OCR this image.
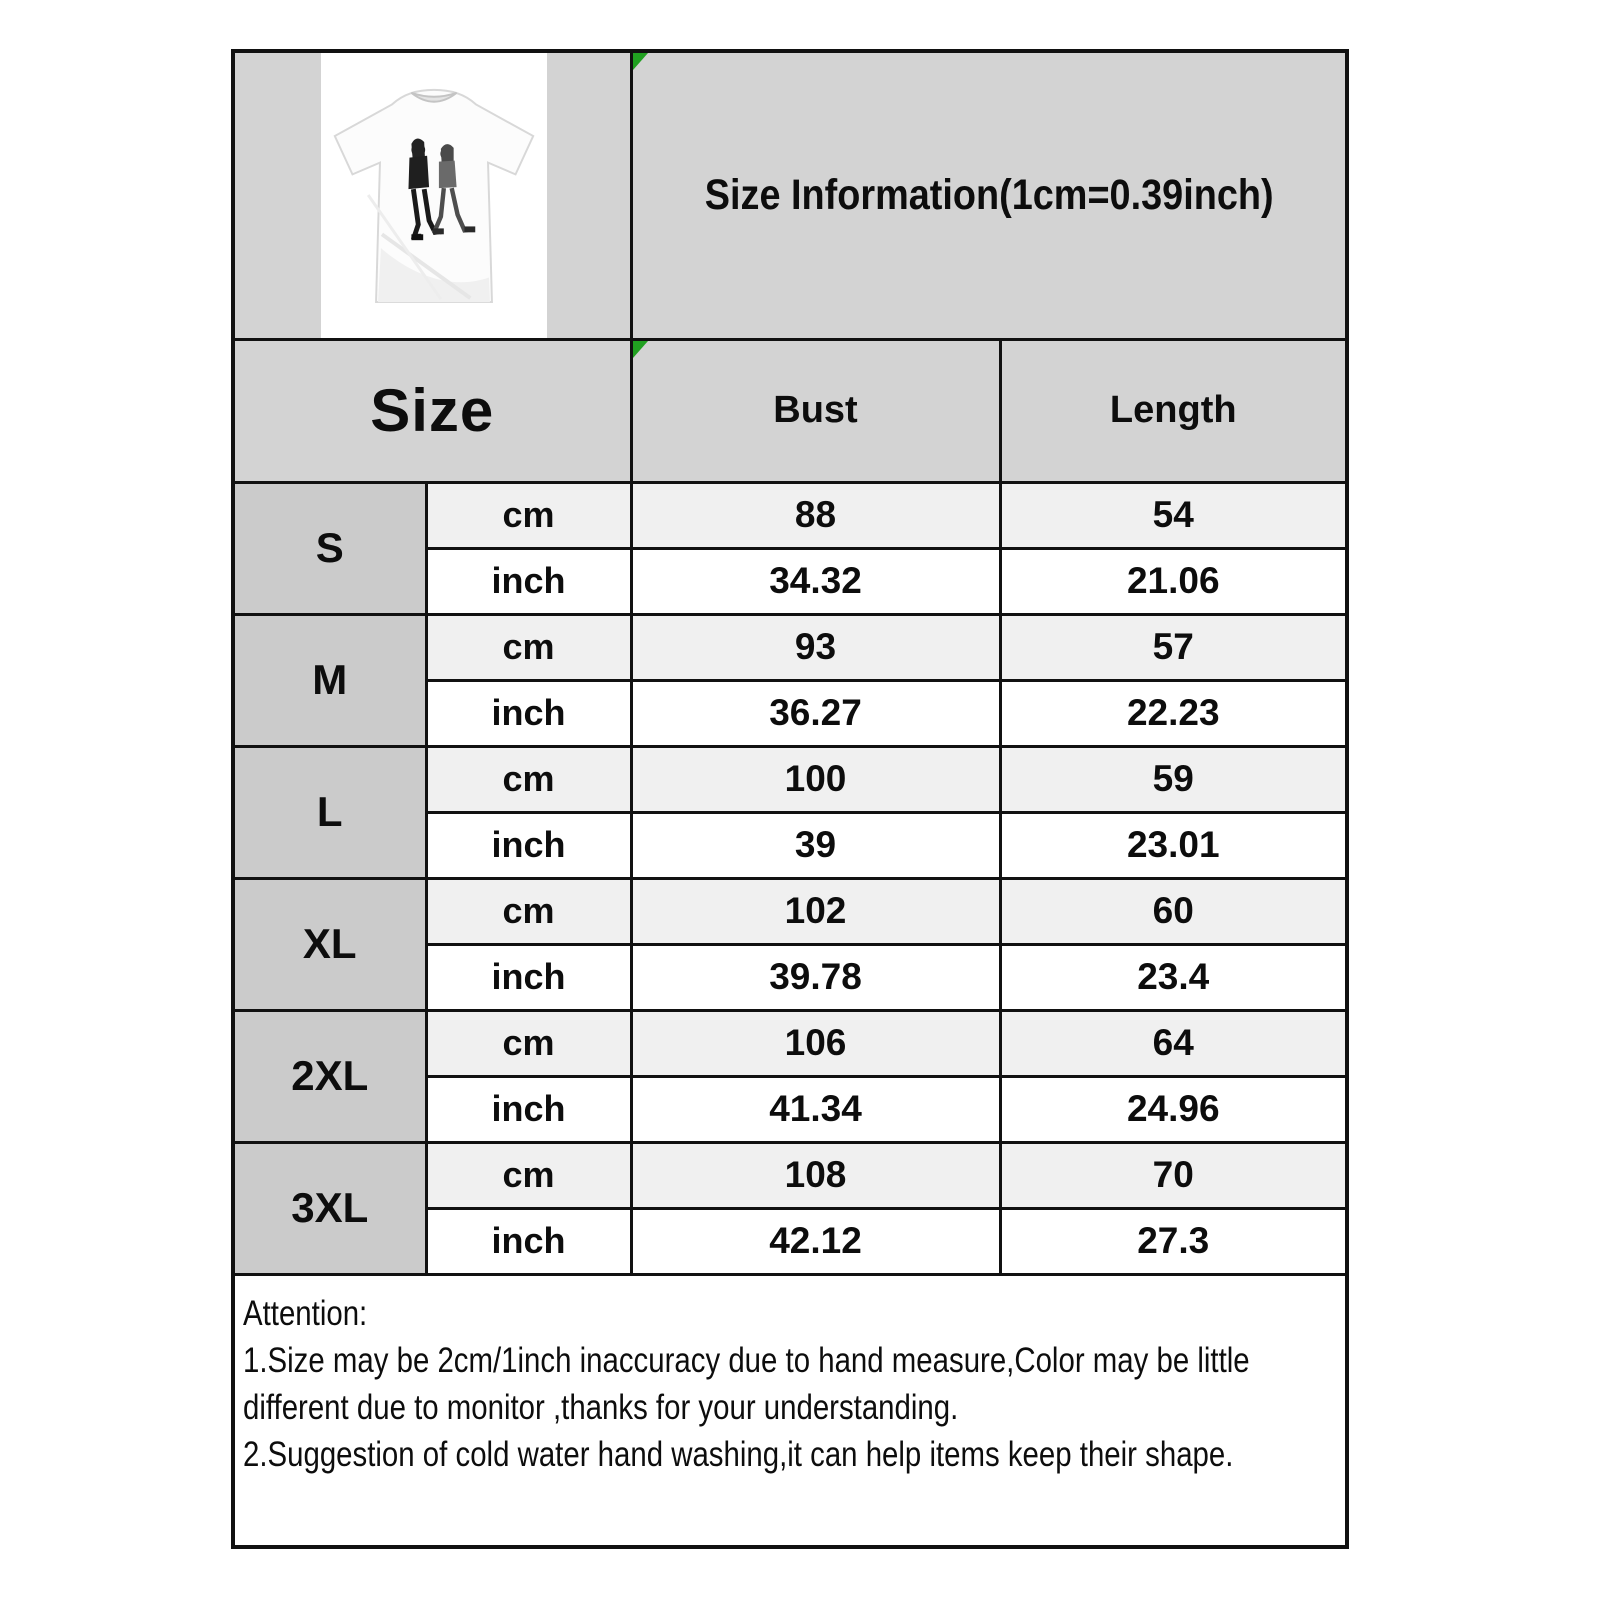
Size Information(1cm=0.39inch)	
Size		Bust	Length
S	cm	88	54
	inch	34.32	21.06
M	cm	93	57
	inch	36.27	22.23
L	cm	100	59
	inch	39	23.01
XL	cm	102	60
	inch	39.78	23.4
2XL	cm	106	64
	inch	41.34	24.96
3XL	cm	108	70
	inch	42.12	27.3

Attention:
1.Size may be 2cm/1inch inaccuracy due to hand measure,Color may be little
different due to monitor ,thanks for your understanding.
2.Suggestion of cold water hand washing,it can help items keep their shape.			
